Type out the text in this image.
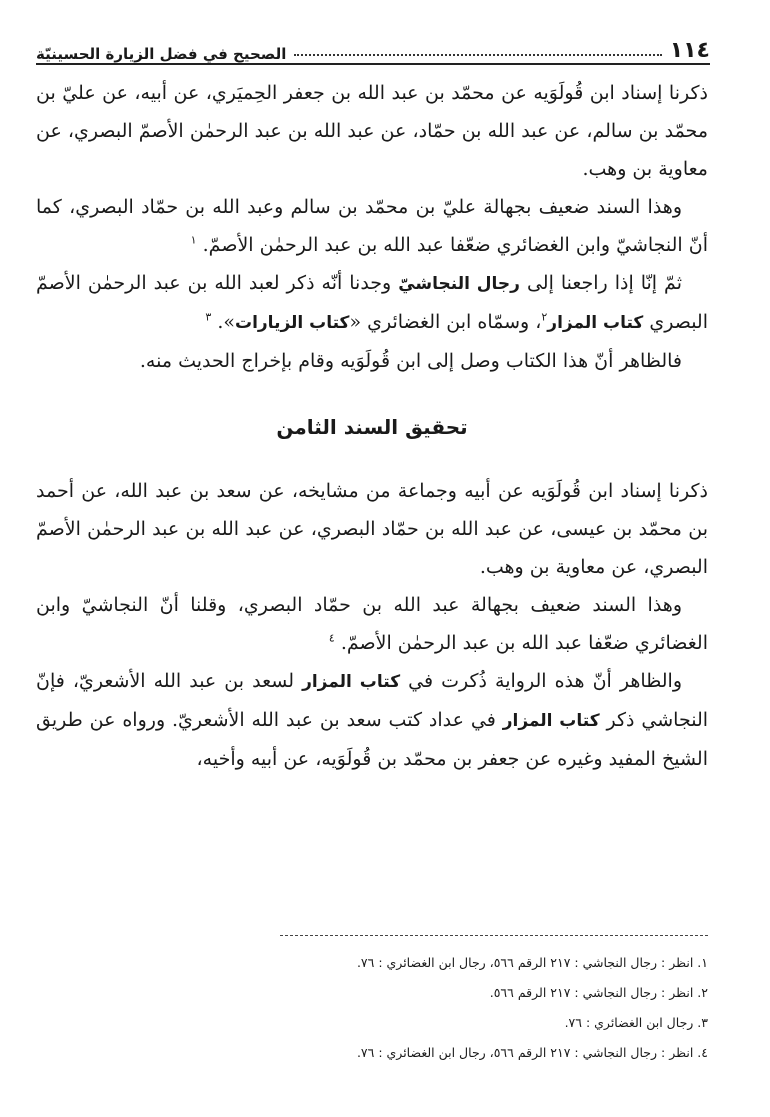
١١٤
الصحيح في فضل الزيارة الحسينيّة

ذكرنا إسناد ابن قُولَوَيه عن محمّد بن عبد الله بن جعفر الحِميَري، عن أبيه، عن عليّ بن محمّد بن سالم، عن عبد الله بن حمّاد، عن عبد الله بن عبد الرحمٰن الأصمّ البصري، عن معاوية بن وهب.

وهذا السند ضعيف بجهالة عليّ بن محمّد بن سالم وعبد الله بن حمّاد البصري، كما أنّ النجاشيّ وابن الغضائري ضعّفا عبد الله بن عبد الرحمٰن الأصمّ. $^١$

ثمّ إنّا إذا راجعنا إلى رجال النجاشيّ وجدنا أنّه ذكر لعبد الله بن عبد الرحمٰن الأصمّ البصري كتاب المزار$^٢$، وسمّاه ابن الغضائري «كتاب الزيارات». $^٣$

فالظاهر أنّ هذا الكتاب وصل إلى ابن قُولَوَيه وقام بإخراج الحديث منه.

تحقيق السند الثامن

ذكرنا إسناد ابن قُولَوَيه عن أبيه وجماعة من مشايخه، عن سعد بن عبد الله، عن أحمد بن محمّد بن عيسى، عن عبد الله بن حمّاد البصري، عن عبد الله بن عبد الرحمٰن الأصمّ البصري، عن معاوية بن وهب.

وهذا السند ضعيف بجهالة عبد الله بن حمّاد البصري، وقلنا أنّ النجاشيّ وابن الغضائري ضعّفا عبد الله بن عبد الرحمٰن الأصمّ. $^٤$

والظاهر أنّ هذه الرواية ذُكرت في كتاب المزار لسعد بن عبد الله الأشعريّ، فإنّ النجاشي ذكر كتاب المزار في عداد كتب سعد بن عبد الله الأشعريّ. ورواه عن طريق الشيخ المفيد وغيره عن جعفر بن محمّد بن قُولَوَيه، عن أبيه وأخيه،

١. انظر : رجال النجاشي : ٢١٧ الرقم ٥٦٦، رجال ابن الغضائري : ٧٦.
٢. انظر : رجال النجاشي : ٢١٧ الرقم ٥٦٦.
٣. رجال ابن الغضائري : ٧٦.
٤. انظر : رجال النجاشي : ٢١٧ الرقم ٥٦٦، رجال ابن الغضائري : ٧٦.
